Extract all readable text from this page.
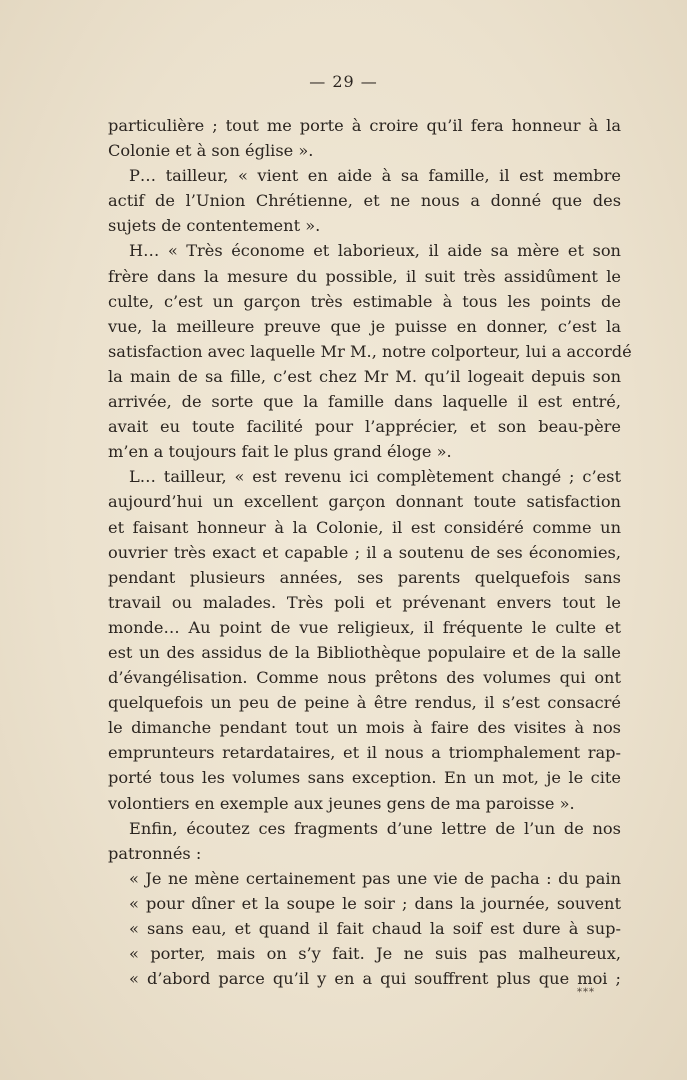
— 29 —
particulière ; tout me porte à croire qu’il fera honneur à la
Colonie et à son église ».
P… tailleur, « vient en aide à sa famille, il est membre
actif de l’Union Chrétienne, et ne nous a donné que des
sujets de contentement ».
H… « Très économe et laborieux, il aide sa mère et son
frère dans la mesure du possible, il suit très assidûment le
culte, c’est un garçon très estimable à tous les points de
vue, la meilleure preuve que je puisse en donner, c’est la
satisfaction avec laquelle Mr M., notre colporteur, lui a accordé
la main de sa fille, c’est chez Mr M. qu’il logeait depuis son
arrivée, de sorte que la famille dans laquelle il est entré,
avait eu toute facilité pour l’apprécier, et son beau-père
m’en a toujours fait le plus grand éloge ».
L… tailleur, « est revenu ici complètement changé ; c’est
aujourd’hui un excellent garçon donnant toute satisfaction
et faisant honneur à la Colonie, il est considéré comme un
ouvrier très exact et capable ; il a soutenu de ses économies,
pendant plusieurs années, ses parents quelquefois sans
travail ou malades. Très poli et prévenant envers tout le
monde… Au point de vue religieux, il fréquente le culte et
est un des assidus de la Bibliothèque populaire et de la salle
d’évangélisation. Comme nous prêtons des volumes qui ont
quelquefois un peu de peine à être rendus, il s’est consacré
le dimanche pendant tout un mois à faire des visites à nos
emprunteurs retardataires, et il nous a triomphalement rap-
porté tous les volumes sans exception. En un mot, je le cite
volontiers en exemple aux jeunes gens de ma paroisse ».
Enfin, écoutez ces fragments d’une lettre de l’un de nos
patronnés :
« Je ne mène certainement pas une vie de pacha : du pain
« pour dîner et la soupe le soir ; dans la journée, souvent
« sans eau, et quand il fait chaud la soif est dure à sup-
« porter, mais on s’y fait. Je ne suis pas malheureux,
« d’abord parce qu’il y en a qui souffrent plus que moi ;
***
